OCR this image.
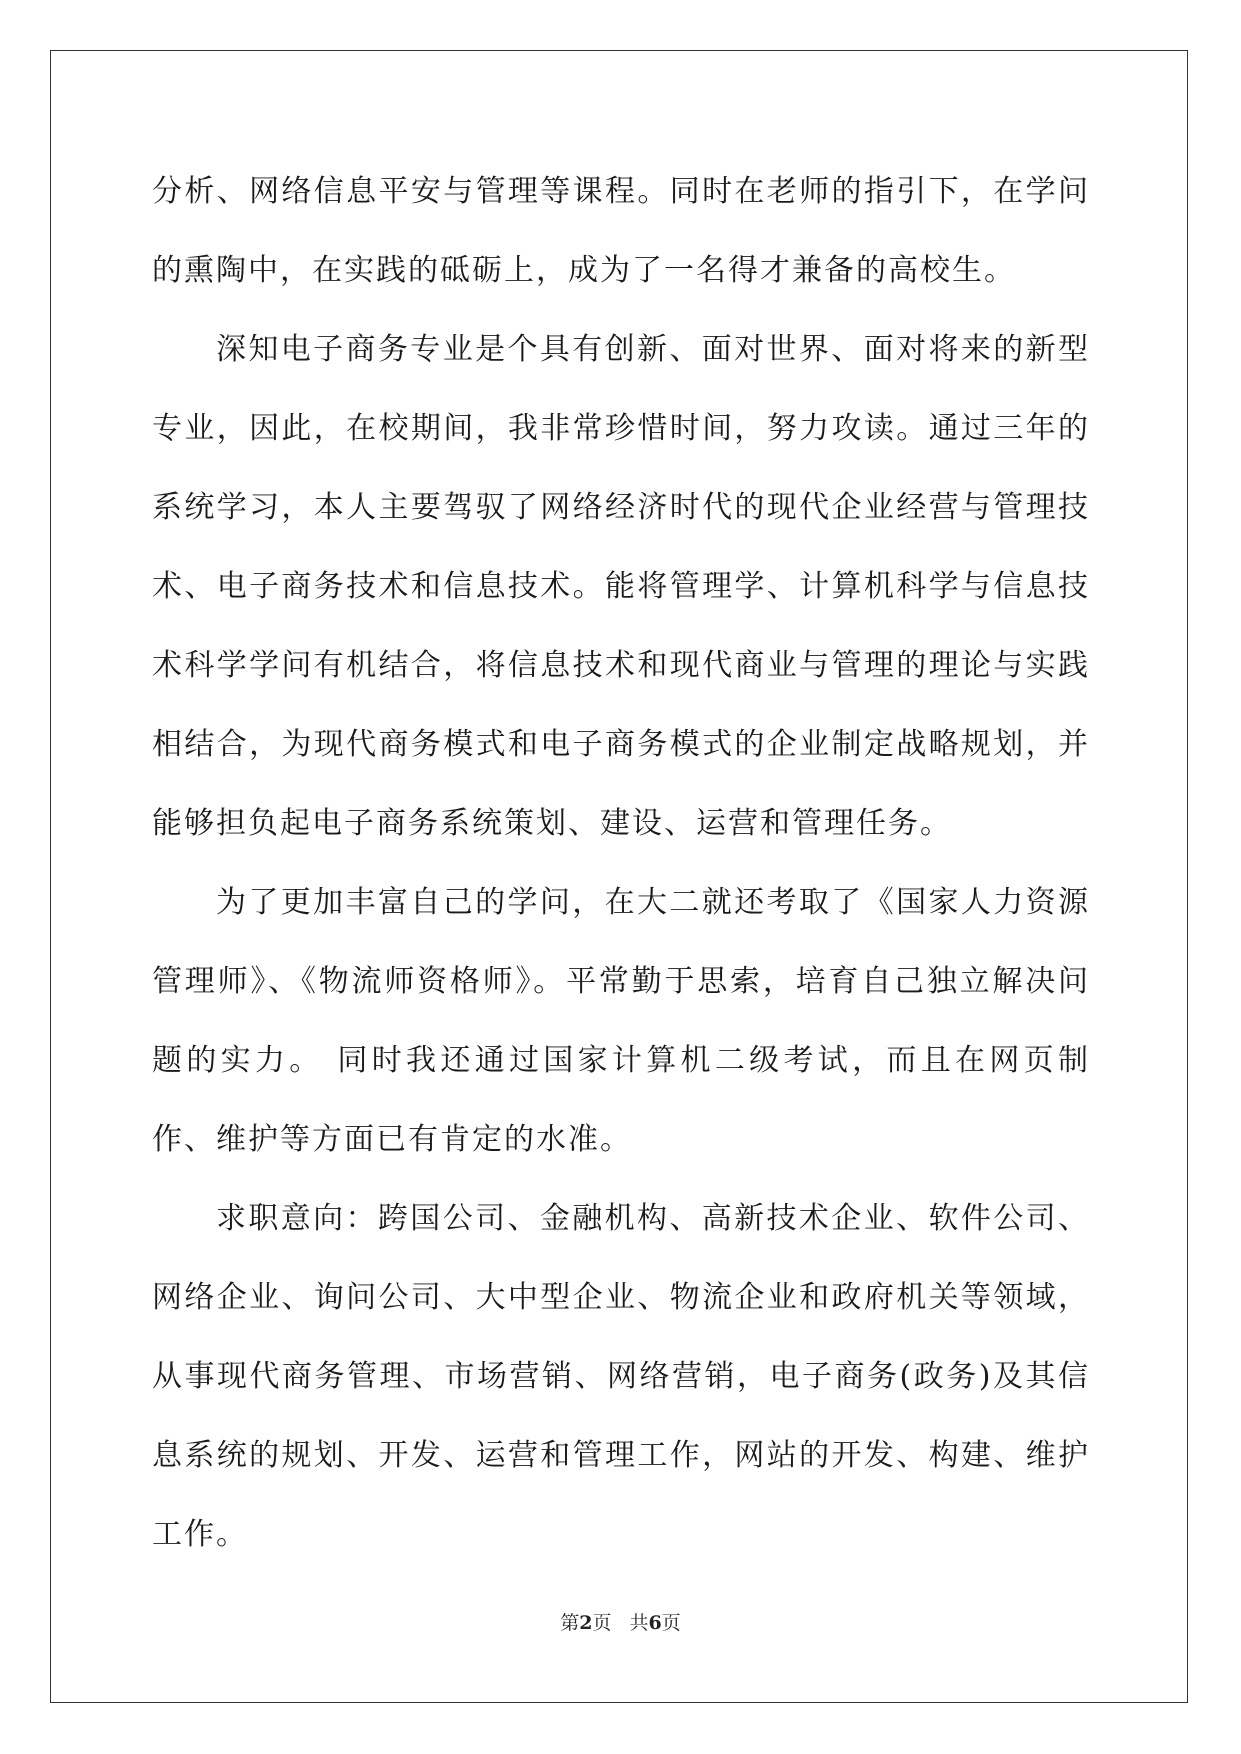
分析、网络信息平安与管理等课程。同时在老师的指引下，在学问的熏陶中，在实践的砥砺上，成为了一名得才兼备的高校生。

深知电子商务专业是个具有创新、面对世界、面对将来的新型专业，因此，在校期间，我非常珍惜时间，努力攻读。通过三年的系统学习，本人主要驾驭了网络经济时代的现代企业经营与管理技术、电子商务技术和信息技术。能将管理学、计算机科学与信息技术科学学问有机结合，将信息技术和现代商业与管理的理论与实践相结合，为现代商务模式和电子商务模式的企业制定战略规划，并能够担负起电子商务系统策划、建设、运营和管理任务。

为了更加丰富自己的学问，在大二就还考取了《国家人力资源管理师》、《物流师资格师》。平常勤于思索，培育自己独立解决问题的实力。 同时我还通过国家计算机二级考试，而且在网页制作、维护等方面已有肯定的水准。

求职意向：跨国公司、金融机构、高新技术企业、软件公司、网络企业、询问公司、大中型企业、物流企业和政府机关等领域，从事现代商务管理、市场营销、网络营销，电子商务(政务)及其信息系统的规划、开发、运营和管理工作，网站的开发、构建、维护工作。

第2页 共6页
